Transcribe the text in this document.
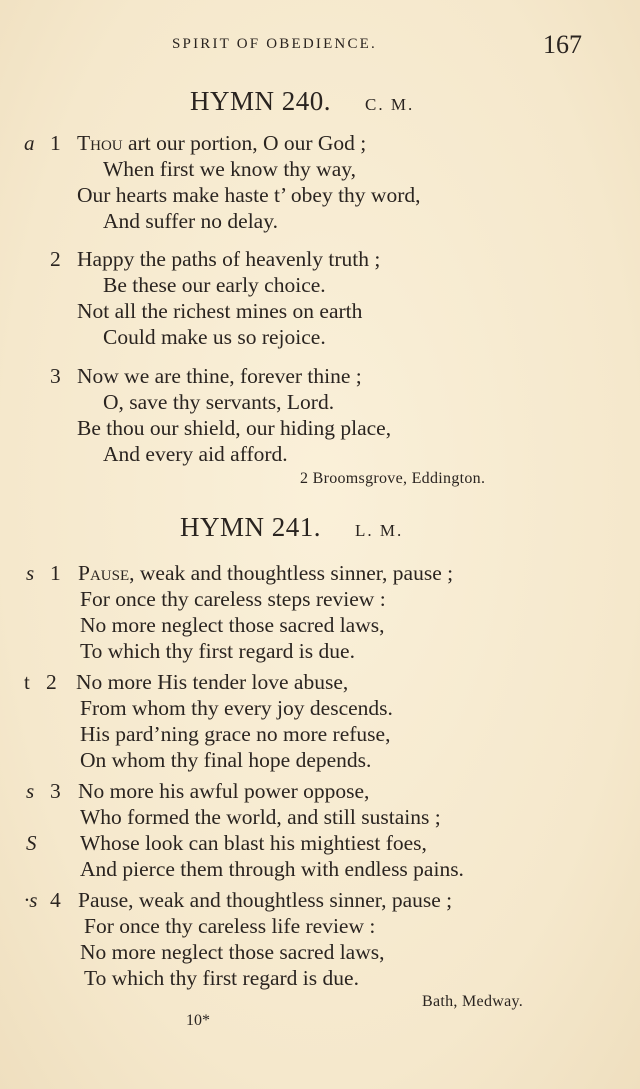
SPIRIT OF OBEDIENCE.	167
HYMN 240. C. M.
a 1 Thou art our portion, O our God ;
When first we know thy way,
Our hearts make haste t’ obey thy word,
And suffer no delay.
2 Happy the paths of heavenly truth ;
Be these our early choice.
Not all the richest mines on earth
Could make us so rejoice.
3 Now we are thine, forever thine ;
O, save thy servants, Lord.
Be thou our shield, our hiding place,
And every aid afford.
2 Broomsgrove, Eddington.
HYMN 241. L. M.
s 1 Pause, weak and thoughtless sinner, pause ;
For once thy careless steps review :
No more neglect those sacred laws,
To which thy first regard is due.
t 2 No more His tender love abuse,
From whom thy every joy descends.
His pard’ning grace no more refuse,
On whom thy final hope depends.
s 3 No more his awful power oppose,
Who formed the world, and still sustains ;
S Whose look can blast his mightiest foes,
And pierce them through with endless pains.
·s 4 Pause, weak and thoughtless sinner, pause ;
For once thy careless life review :
No more neglect those sacred laws,
To which thy first regard is due.
Bath, Medway.
10*
